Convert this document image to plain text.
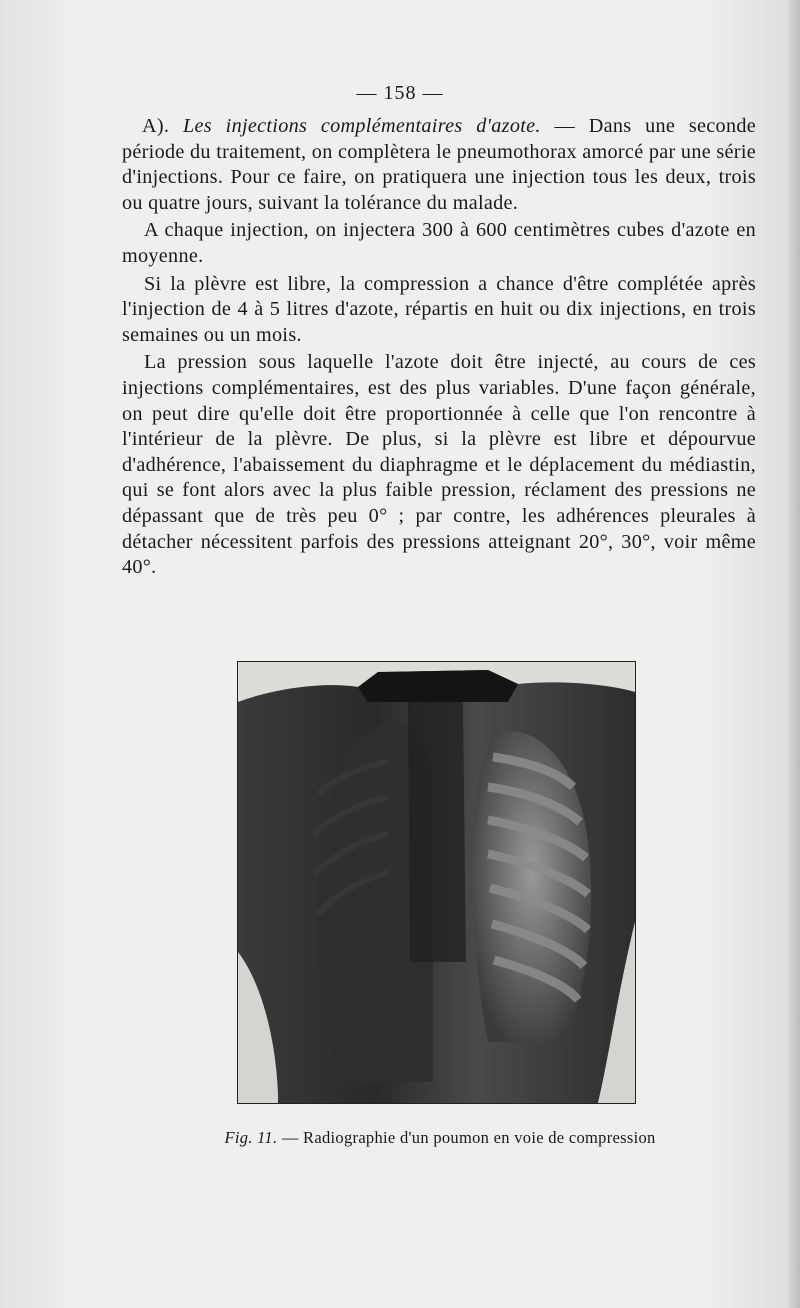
— 158 —

A). Les injections complémentaires d'azote. — Dans une seconde période du traitement, on complètera le pneumothorax amorcé par une série d'injections. Pour ce faire, on pratiquera une injection tous les deux, trois ou quatre jours, suivant la tolérance du malade.

A chaque injection, on injectera 300 à 600 centimètres cubes d'azote en moyenne.

Si la plèvre est libre, la compression a chance d'être complétée après l'injection de 4 à 5 litres d'azote, répartis en huit ou dix injections, en trois semaines ou un mois.

La pression sous laquelle l'azote doit être injecté, au cours de ces injections complémentaires, est des plus variables. D'une façon générale, on peut dire qu'elle doit être proportionnée à celle que l'on rencontre à l'intérieur de la plèvre. De plus, si la plèvre est libre et dépourvue d'adhérence, l'abaissement du diaphragme et le déplacement du médiastin, qui se font alors avec la plus faible pression, réclament des pressions ne dépassant que de très peu 0° ; par contre, les adhérences pleurales à détacher nécessitent parfois des pressions atteignant 20°, 30°, voir même 40°.

Fig. 11. — Radiographie d'un poumon en voie de compression
